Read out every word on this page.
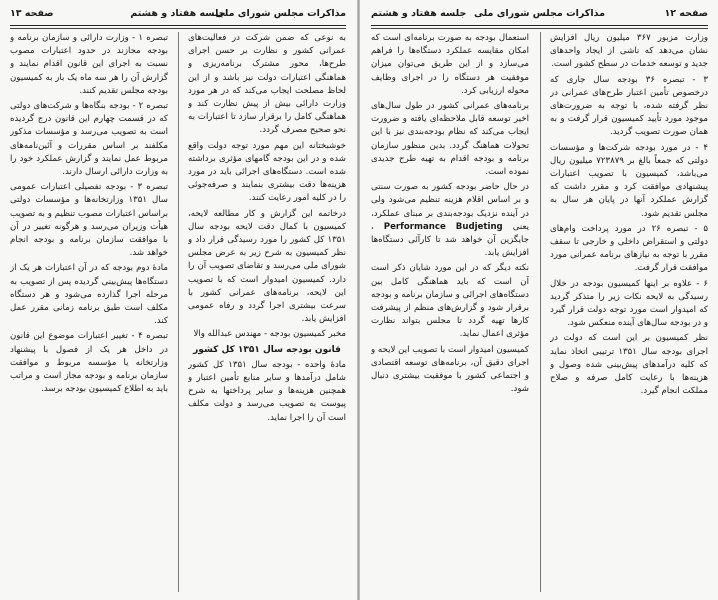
مذاکرات مجلس شورای ملی
جلسه هفتاد و هشتم
صفحه ۱۳

به نوعی که ضمن شرکت در فعالیت‌های عمرانی کشور و نظارت بر حسن اجرای طرح‌ها، محور مشترک برنامه‌ریزی و هماهنگی اعتبارات دولت نیز باشد و از این لحاظ مصلحت ایجاب می‌کند که در هر مورد وزارت دارائی بیش از پیش نظارت کند و هماهنگی کامل را برقرار سازد تا اعتبارات به نحو صحیح مصرف گردد.

خوشبختانه این مهم مورد توجه دولت واقع شده و در این بودجه گامهای مؤثری برداشته شده است. دستگاه‌های اجرائی باید در مورد هزینه‌ها دقت بیشتری بنمایند و صرفه‌جوئی را در کلیه امور رعایت کنند.

درخاتمه این گزارش و کار مطالعه لایحه، کمیسیون با کمال دقت لایحه بودجه سال ۱۳۵۱ کل کشور را مورد رسیدگی قرار داد و نظر کمیسیون به شرح زیر به عرض مجلس شورای ملی می‌رسد و تقاضای تصویب آن را دارد. کمیسیون امیدوار است که با تصویب این لایحه، برنامه‌های عمرانی کشور با سرعت بیشتری اجرا گردد و رفاه عمومی افزایش یابد.

مخبر کمیسیون بودجه - مهندس عبدالله والا

قانون بودجه سال ۱۳۵۱ کل کشور

مادهٔ واحده - بودجه سال ۱۳۵۱ کل کشور شامل درآمدها و سایر منابع تأمین اعتبار و همچنین هزینه‌ها و سایر پرداختها به شرح پیوست به تصویب می‌رسد و دولت مکلف است آن را اجرا نماید.

تبصره ۱ - وزارت دارائی و سازمان برنامه و بودجه مجازند در حدود اعتبارات مصوب نسبت به اجرای این قانون اقدام نمایند و گزارش آن را هر سه ماه یک بار به کمیسیون بودجه مجلس تقدیم کنند.

تبصره ۲ - بودجه بنگاه‌ها و شرکت‌های دولتی که در قسمت چهارم این قانون درج گردیده است به تصویب می‌رسد و مؤسسات مذکور مکلفند بر اساس مقررات و آئین‌نامه‌های مربوط عمل نمایند و گزارش عملکرد خود را به وزارت دارائی ارسال دارند.

تبصره ۳ - بودجه تفصیلی اعتبارات عمومی سال ۱۳۵۱ وزارتخانه‌ها و مؤسسات دولتی براساس اعتبارات مصوب تنظیم و به تصویب هیأت وزیران می‌رسد و هرگونه تغییر در آن با موافقت سازمان برنامه و بودجه انجام خواهد شد.

مادهٔ دوم بودجه که در آن اعتبارات هر یک از دستگاه‌ها پیش‌بینی گردیده پس از تصویب به مرحله اجرا گذارده می‌شود و هر دستگاه مکلف است طبق برنامه زمانی مقرر عمل کند.

تبصره ۴ - تغییر اعتبارات موضوع این قانون در داخل هر یک از فصول با پیشنهاد وزارتخانه یا مؤسسه مربوط و موافقت سازمان برنامه و بودجه مجاز است و مراتب باید به اطلاع کمیسیون بودجه برسد.

صفحه ۱۲
مذاکرات مجلس شورای ملی
جلسه هفتاد و هشتم

وزارت مزبور ۳۶۷ میلیون ریال افزایش نشان می‌دهد که ناشی از ایجاد واحدهای جدید و توسعه خدمات در سطح کشور است.

۳ - تبصره ۳۶ بودجه سال جاری که درخصوص تأمین اعتبار طرح‌های عمرانی در نظر گرفته شده، با توجه به ضرورت‌های موجود مورد تأیید کمیسیون قرار گرفت و به همان صورت تصویب گردید.

۴ - در مورد بودجه شرکت‌ها و مؤسسات دولتی که جمعاً بالغ بر ۷۲۳۸۷۹ میلیون ریال می‌باشد، کمیسیون با تصویب اعتبارات پیشنهادی موافقت کرد و مقرر داشت که گزارش عملکرد آنها در پایان هر سال به مجلس تقدیم شود.

۵ - تبصره ۲۶ در مورد پرداخت وام‌های دولتی و استقراض داخلی و خارجی تا سقف مقرر با توجه به نیازهای برنامه عمرانی مورد موافقت قرار گرفت.

۶ - علاوه بر اینها کمیسیون بودجه در خلال رسیدگی به لایحه نکات زیر را متذکر گردید که امیدوار است مورد توجه دولت قرار گیرد و در بودجه سال‌های آینده منعکس شود.

نظر کمیسیون بر این است که دولت در اجرای بودجه سال ۱۳۵۱ ترتیبی اتخاذ نماید که کلیه درآمدهای پیش‌بینی شده وصول و هزینه‌ها با رعایت کامل صرفه و صلاح مملکت انجام گیرد.

استعمال بودجه به صورت برنامه‌ای است که امکان مقایسه عملکرد دستگاه‌ها را فراهم می‌سازد و از این طریق می‌توان میزان موفقیت هر دستگاه را در اجرای وظایف محوله ارزیابی کرد.

برنامه‌های عمرانی کشور در طول سال‌های اخیر توسعه قابل ملاحظه‌ای یافته و ضرورت ایجاب می‌کند که نظام بودجه‌بندی نیز با این تحولات هماهنگ گردد. بدین منظور سازمان برنامه و بودجه اقدام به تهیه طرح جدیدی نموده است.

در حال حاضر بودجه کشور به صورت سنتی و بر اساس اقلام هزینه تنظیم می‌شود ولی در آینده نزدیک بودجه‌بندی بر مبنای عملکرد، یعنی Performance Budjeting ، جایگزین آن خواهد شد تا کارآئی دستگاه‌ها افزایش یابد.

نکته دیگر که در این مورد شایان ذکر است آن است که باید هماهنگی کامل بین دستگاه‌های اجرائی و سازمان برنامه و بودجه برقرار شود و گزارش‌های منظم از پیشرفت کارها تهیه گردد تا مجلس بتواند نظارت مؤثری اعمال نماید.

کمیسیون امیدوار است با تصویب این لایحه و اجرای دقیق آن، برنامه‌های توسعه اقتصادی و اجتماعی کشور با موفقیت بیشتری دنبال شود.
